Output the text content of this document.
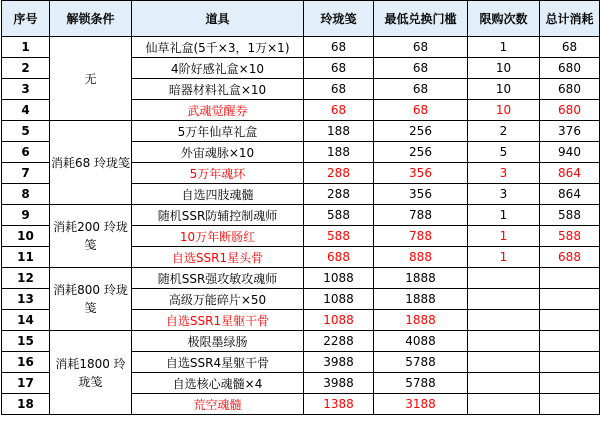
序号	解锁条件	道具	玲珑笺	最低兑换门槛	限购次数	总计消耗
1	无	仙草礼盒(5千×3，1万×1)	68	68	1	68
2		4阶好感礼盒×10	68	68	10	680
3		暗器材料礼盒×10	68	68	10	680
4		武魂觉醒券	68	68	10	680
5	消耗68 玲珑笺	5万年仙草礼盒	188	256	2	376
6		外宙魂脉×10	188	256	5	940
7		5万年魂环	288	356	3	864
8		自选四肢魂髓	288	356	3	864
9	消耗200 玲珑笺	随机SSR防辅控制魂师	588	788	1	588
10		10万年断肠红	588	788	1	588
11		自选SSR1星头骨	688	888	1	688
12	消耗800 玲珑笺	随机SSR强攻敏攻魂师	1088	1888		
13		高级万能碎片×50	1088	1888		
14		自选SSR1星躯干骨	1088	1888		
15	消耗1800 玲珑笺	极限墨绿肠	2288	4088		
16		自选SSR4星躯干骨	3988	5788		
17		自选核心魂髓×4	3988	5788		
18		荒空魂髓	1388	3188		
